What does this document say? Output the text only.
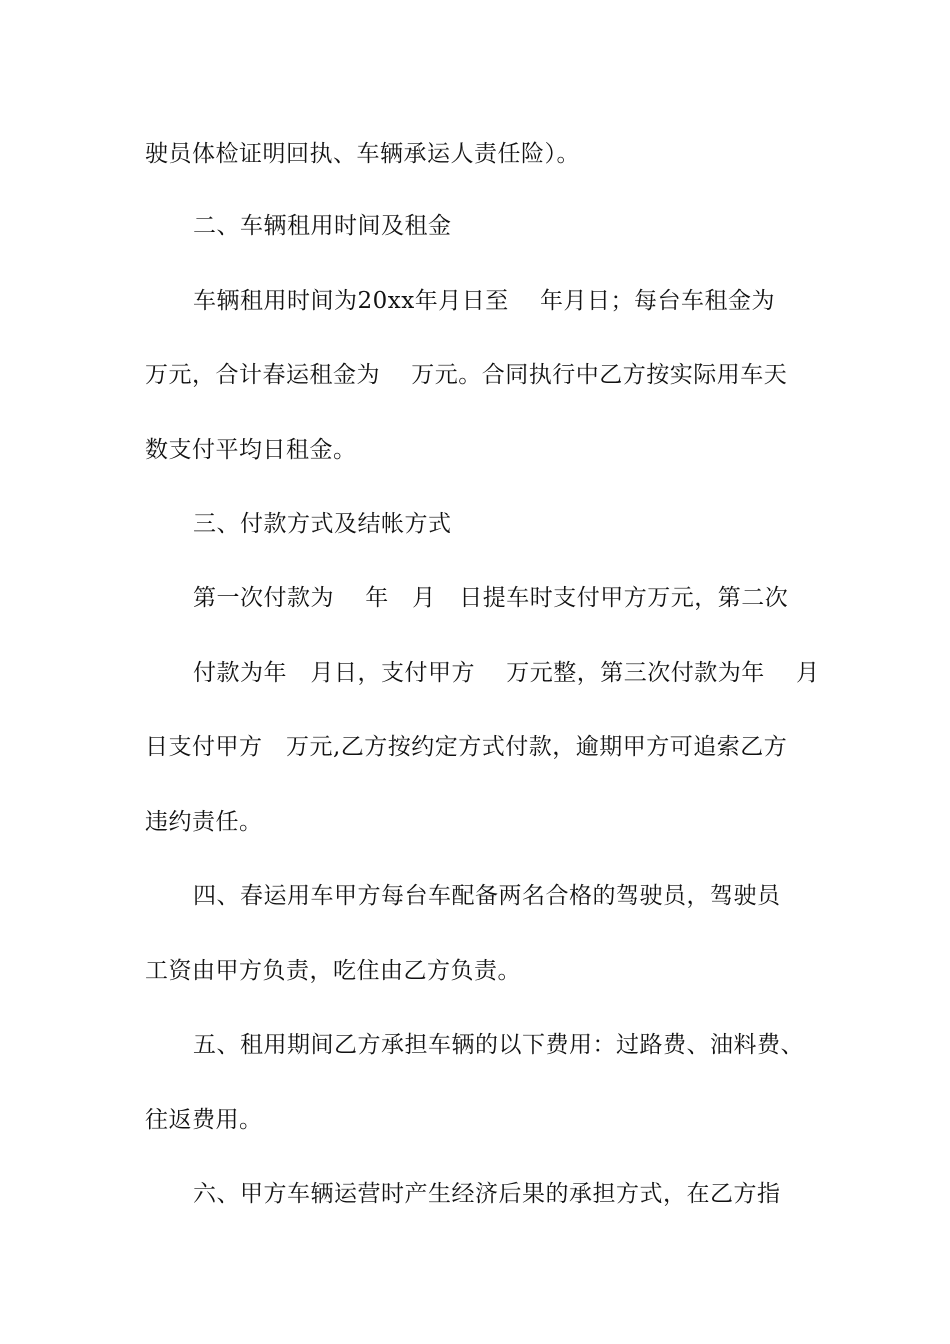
驶员体检证明回执、车辆承运人责任险）。
二、车辆租用时间及租金
车辆租用时间为20xx年月日至　 年月日；每台车租金为
万元，合计春运租金为　 万元。合同执行中乙方按实际用车天
数支付平均日租金。
三、付款方式及结帐方式
第一次付款为　 年　月　日提车时支付甲方万元，第二次
付款为年　月日，支付甲方　 万元整，第三次付款为年　 月
日支付甲方　万元,乙方按约定方式付款，逾期甲方可追索乙方
违约责任。
四、春运用车甲方每台车配备两名合格的驾驶员，驾驶员
工资由甲方负责，吃住由乙方负责。
五、租用期间乙方承担车辆的以下费用：过路费、油料费、
往返费用。
六、甲方车辆运营时产生经济后果的承担方式，在乙方指
